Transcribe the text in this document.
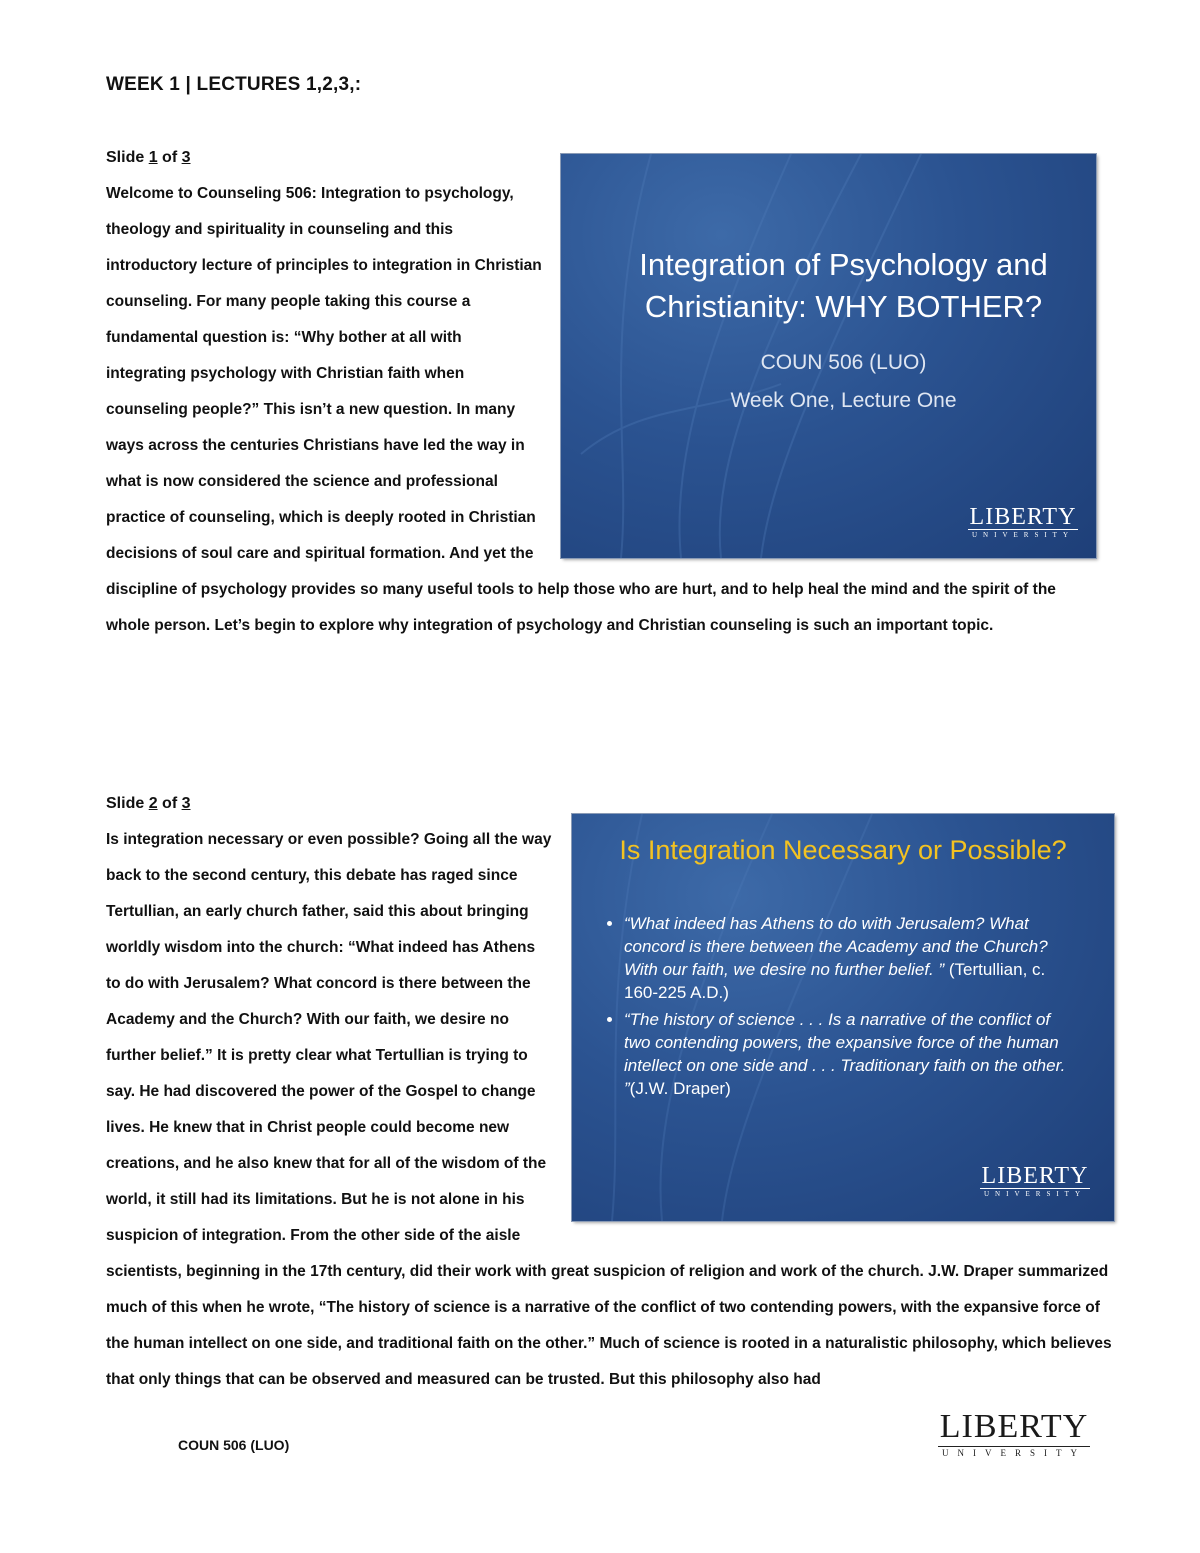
WEEK 1 | LECTURES 1,2,3,:
Slide 1 of 3
Integration of Psychology and Christianity: WHY BOTHER?
COUN 506 (LUO)
Week One, Lecture One
LIBERTY
UNIVERSITY

Welcome to Counseling 506: Integration to psychology, theology and spirituality in counseling and this introductory lecture of principles to integration in Christian counseling. For many people taking this course a fundamental question is: “Why bother at all with integrating psychology with Christian faith when counseling people?” This isn’t a new question. In many ways across the centuries Christians have led the way in what is now considered the science and professional practice of counseling, which is deeply rooted in Christian decisions of soul care and spiritual formation. And yet the discipline of psychology provides so many useful tools to help those who are hurt, and to help heal the mind and the spirit of the whole person. Let’s begin to explore why integration of psychology and Christian counseling is such an important topic.

Slide 2 of 3
Is Integration Necessary or Possible?
• “What indeed has Athens to do with Jerusalem? What concord is there between the Academy and the Church? With our faith, we desire no further belief. ” (Tertullian, c. 160-225 A.D.)
• “The history of science . . . Is a narrative of the conflict of two contending powers, the expansive force of the human intellect on one side and . . . Traditionary faith on the other. ”(J.W. Draper)
LIBERTY
UNIVERSITY

Is integration necessary or even possible? Going all the way back to the second century, this debate has raged since Tertullian, an early church father, said this about bringing worldly wisdom into the church: “What indeed has Athens to do with Jerusalem? What concord is there between the Academy and the Church? With our faith, we desire no further belief.” It is pretty clear what Tertullian is trying to say. He had discovered the power of the Gospel to change lives. He knew that in Christ people could become new creations, and he also knew that for all of the wisdom of the world, it still had its limitations. But he is not alone in his suspicion of integration. From the other side of the aisle scientists, beginning in the 17th century, did their work with great suspicion of religion and work of the church. J.W. Draper summarized much of this when he wrote, “The history of science is a narrative of the conflict of two contending powers, with the expansive force of the human intellect on one side, and traditional faith on the other.” Much of science is rooted in a naturalistic philosophy, which believes that only things that can be observed and measured can be trusted. But this philosophy also had

COUN 506 (LUO)	LIBERTY
UNIVERSITY
